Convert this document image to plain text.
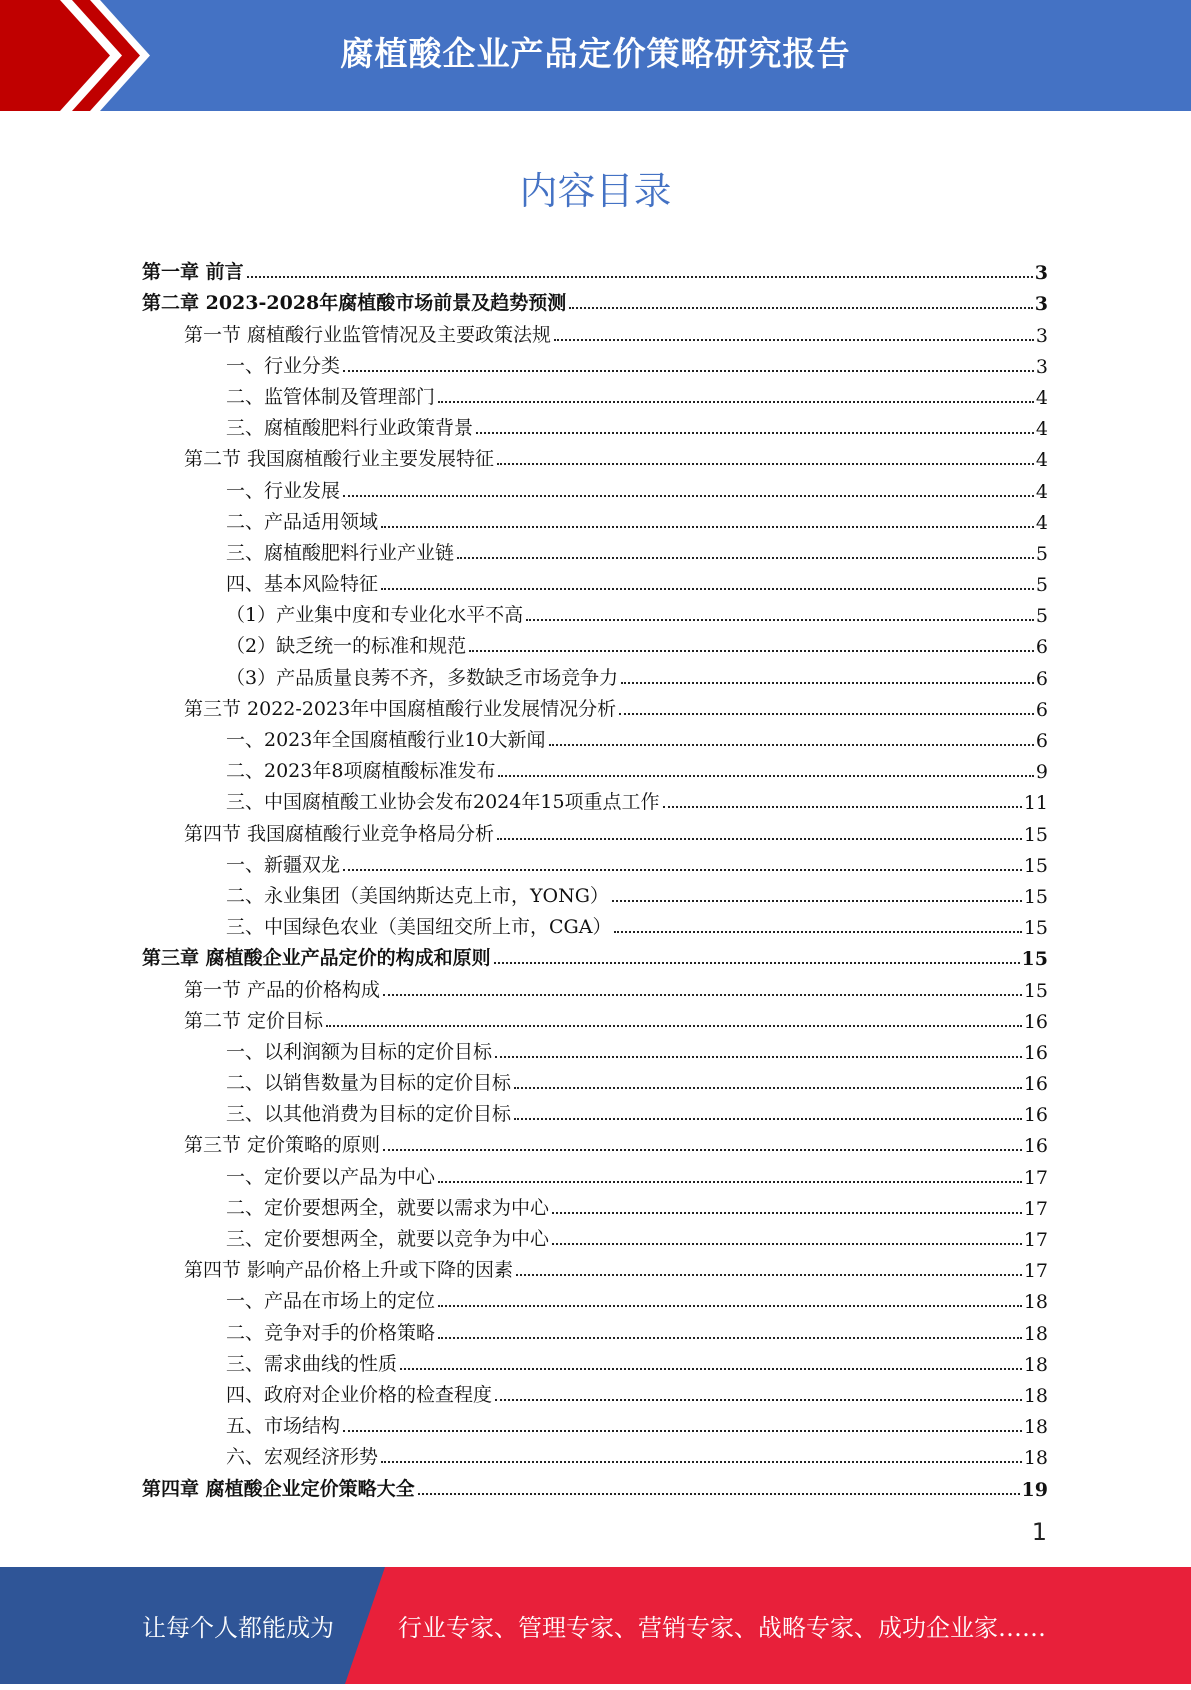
腐植酸企业产品定价策略研究报告
内容目录
第一章 前言	3
第二章 2023-2028年腐植酸市场前景及趋势预测	3
第一节 腐植酸行业监管情况及主要政策法规	3
一、行业分类	3
二、监管体制及管理部门	4
三、腐植酸肥料行业政策背景	4
第二节 我国腐植酸行业主要发展特征	4
一、行业发展	4
二、产品适用领域	4
三、腐植酸肥料行业产业链	5
四、基本风险特征	5
（1）产业集中度和专业化水平不高	5
（2）缺乏统一的标准和规范	6
（3）产品质量良莠不齐，多数缺乏市场竞争力	6
第三节 2022-2023年中国腐植酸行业发展情况分析	6
一、2023年全国腐植酸行业10大新闻	6
二、2023年8项腐植酸标准发布	9
三、中国腐植酸工业协会发布2024年15项重点工作	11
第四节 我国腐植酸行业竞争格局分析	15
一、新疆双龙	15
二、永业集团（美国纳斯达克上市，YONG）	15
三、中国绿色农业（美国纽交所上市，CGA）	15
第三章 腐植酸企业产品定价的构成和原则	15
第一节 产品的价格构成	15
第二节 定价目标	16
一、以利润额为目标的定价目标	16
二、以销售数量为目标的定价目标	16
三、以其他消费为目标的定价目标	16
第三节 定价策略的原则	16
一、定价要以产品为中心	17
二、定价要想两全，就要以需求为中心	17
三、定价要想两全，就要以竞争为中心	17
第四节 影响产品价格上升或下降的因素	17
一、产品在市场上的定位	18
二、竞争对手的价格策略	18
三、需求曲线的性质	18
四、政府对企业价格的检查程度	18
五、市场结构	18
六、宏观经济形势	18
第四章 腐植酸企业定价策略大全	19
1
让每个人都能成为	行业专家、管理专家、营销专家、战略专家、成功企业家……
